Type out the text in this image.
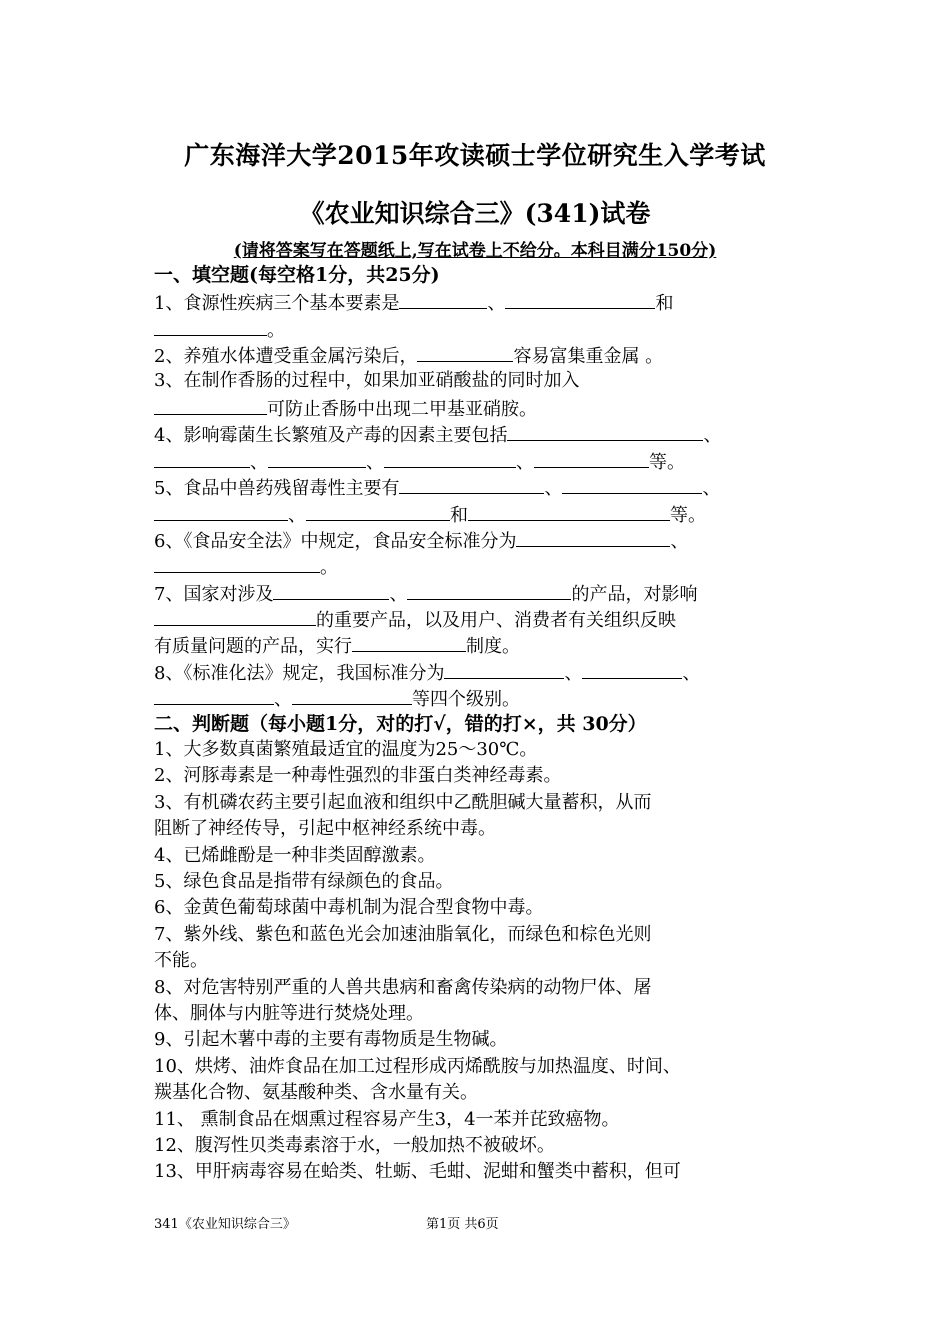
广东海洋大学2015年攻读硕士学位研究生入学考试
《农业知识综合三》(341)试卷
(请将答案写在答题纸上,写在试卷上不给分。本科目满分150分)
一、填空题(每空格1分，共25分)
1、食源性疾病三个基本要素是	、	和
。
2、养殖水体遭受重金属污染后，	容易富集重金属 。
3、在制作香肠的过程中，如果加亚硝酸盐的同时加入
可防止香肠中出现二甲基亚硝胺。
4、影响霉菌生长繁殖及产毒的因素主要包括	、
、	、	、	等。
5、食品中兽药残留毒性主要有	、	、
、	和	等。
6、《食品安全法》中规定，食品安全标准分为	、
。
7、国家对涉及	、	的产品，对影响
的重要产品，以及用户、消费者有关组织反映
有质量问题的产品，实行	制度。
8、《标准化法》规定，我国标准分为	、	、
、	等四个级别。
二、判断题（每小题1分，对的打√，错的打×，共 30分）
1、大多数真菌繁殖最适宜的温度为25～30℃。
2、河豚毒素是一种毒性强烈的非蛋白类神经毒素。
3、有机磷农药主要引起血液和组织中乙酰胆碱大量蓄积，从而
阻断了神经传导，引起中枢神经系统中毒。
4、已烯雌酚是一种非类固醇激素。
5、绿色食品是指带有绿颜色的食品。
6、金黄色葡萄球菌中毒机制为混合型食物中毒。
7、紫外线、紫色和蓝色光会加速油脂氧化，而绿色和棕色光则
不能。
8、对危害特别严重的人兽共患病和畜禽传染病的动物尸体、屠
体、胴体与内脏等进行焚烧处理。
9、引起木薯中毒的主要有毒物质是生物碱。
10、烘烤、油炸食品在加工过程形成丙烯酰胺与加热温度、时间、
羰基化合物、氨基酸种类、含水量有关。
11、 熏制食品在烟熏过程容易产生3，4一苯并芘致癌物。
12、腹泻性贝类毒素溶于水，一般加热不被破坏。
13、甲肝病毒容易在蛤类、牡蛎、毛蚶、泥蚶和蟹类中蓄积，但可
341《农业知识综合三》	第1页 共6页
